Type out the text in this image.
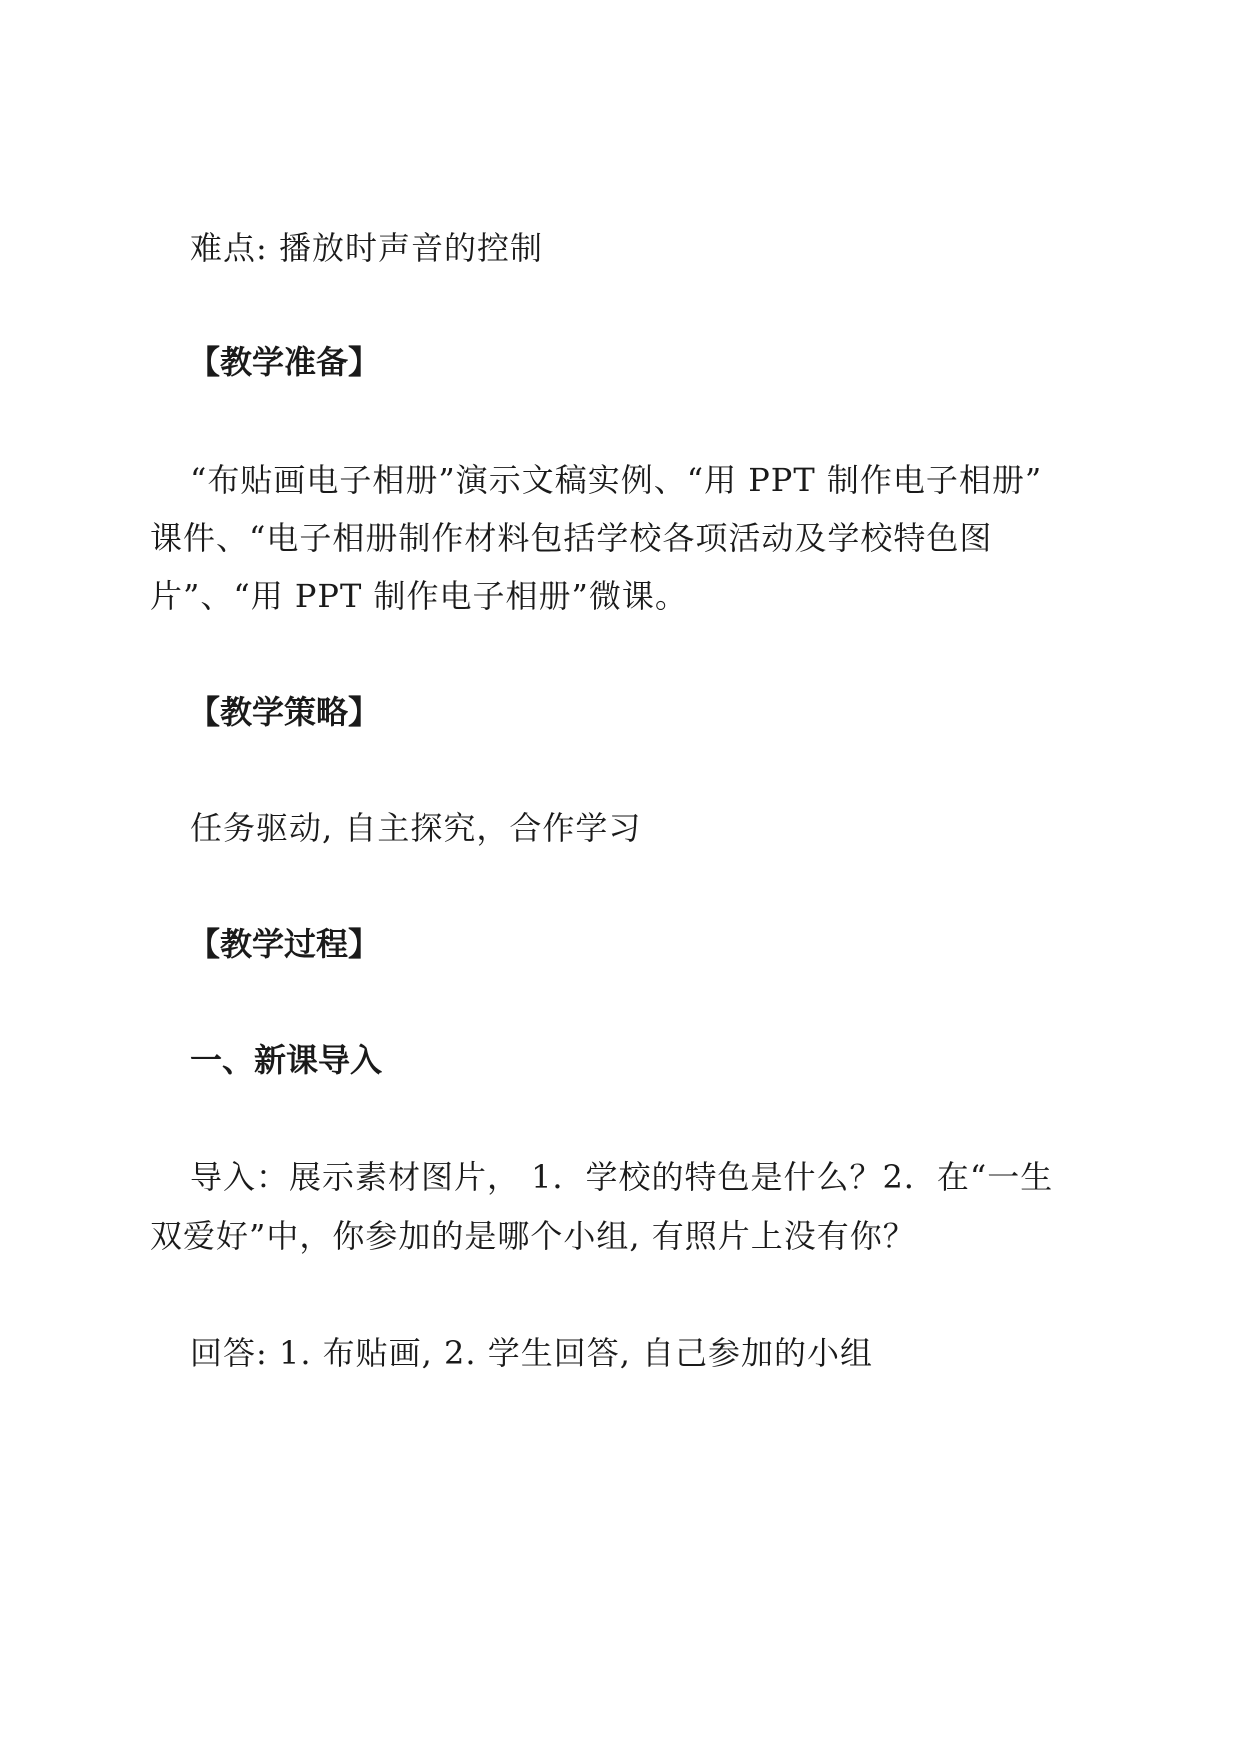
难点: 播放时声音的控制
【教学准备】
“布贴画电子相册”演示文稿实例、“用 PPT 制作电子相册”
课件、“电子相册制作材料包括学校各项活动及学校特色图
片”、“用 PPT 制作电子相册”微课。
【教学策略】
任务驱动, 自主探究，合作学习
【教学过程】
一、新课导入
导入：展示素材图片， 1．学校的特色是什么？2．在“一生
双爱好”中，你参加的是哪个小组, 有照片上没有你？
回答: 1. 布贴画, 2. 学生回答, 自己参加的小组
